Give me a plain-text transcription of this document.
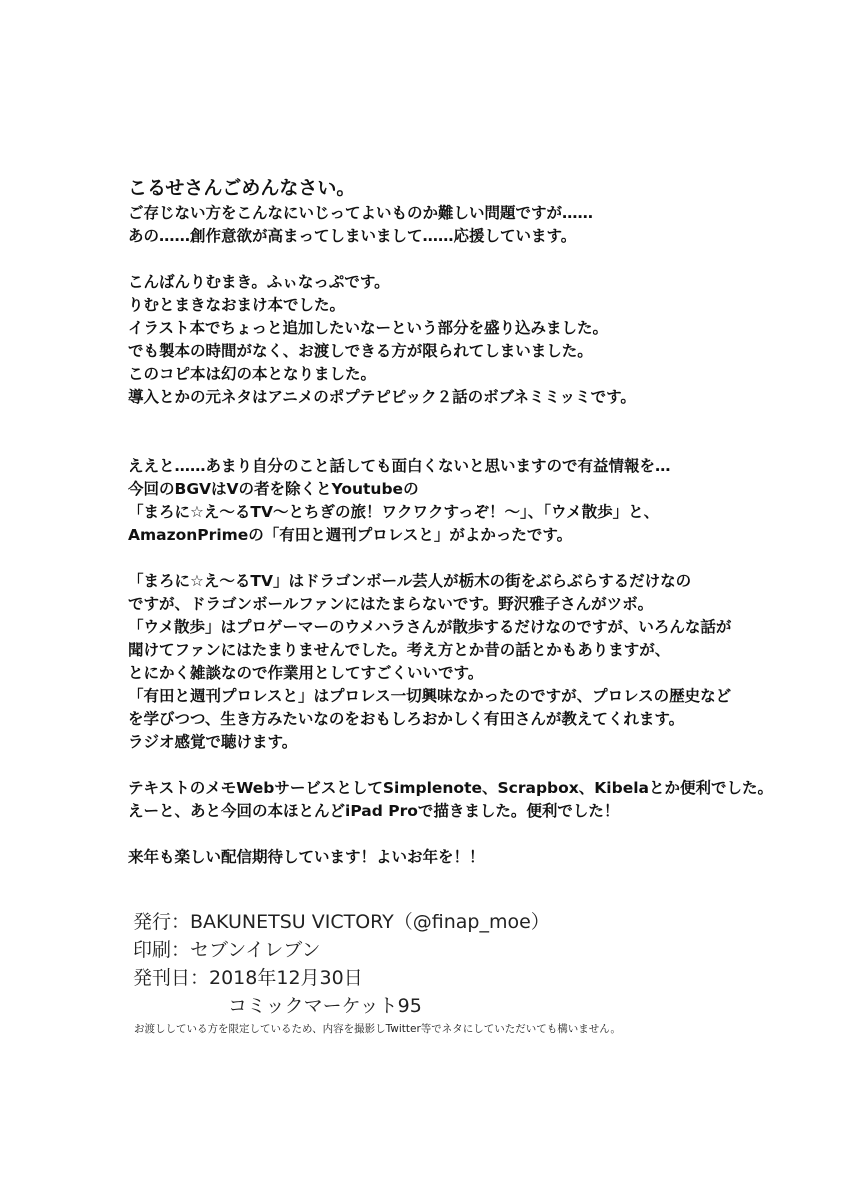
こるせさんごめんなさい。
ご存じない方をこんなにいじってよいものか難しい問題ですが……
あの……創作意欲が高まってしまいまして……応援しています。
こんばんりむまき。ふぃなっぷです。
りむとまきなおまけ本でした。
イラスト本でちょっと追加したいなーという部分を盛り込みました。
でも製本の時間がなく、お渡しできる方が限られてしまいました。
このコピ本は幻の本となりました。
導入とかの元ネタはアニメのポプテピピック２話のボブネミミッミです。
ええと……あまり自分のこと話しても面白くないと思いますので有益情報を…
今回のBGVはVの者を除くとYoutubeの
「まろに☆え～るTV～とちぎの旅！ワクワクすっぞ！～」、「ウメ散歩」と、
AmazonPrimeの「有田と週刊プロレスと」がよかったです。
「まろに☆え～るTV」はドラゴンボール芸人が栃木の街をぶらぶらするだけなの
ですが、ドラゴンボールファンにはたまらないです。野沢雅子さんがツボ。
「ウメ散歩」はプロゲーマーのウメハラさんが散歩するだけなのですが、いろんな話が
聞けてファンにはたまりませんでした。考え方とか昔の話とかもありますが、
とにかく雑談なので作業用としてすごくいいです。
「有田と週刊プロレスと」はプロレス一切興味なかったのですが、プロレスの歴史など
を学びつつ、生き方みたいなのをおもしろおかしく有田さんが教えてくれます。
ラジオ感覚で聴けます。
テキストのメモWebサービスとしてSimplenote、Scrapbox、Kibelaとか便利でした。
えーと、あと今回の本ほとんどiPad Proで描きました。便利でした！
来年も楽しい配信期待しています！よいお年を！！
発行：BAKUNETSU VICTORY（@finap_moe）
印刷：セブンイレブン
発刊日：2018年12月30日
コミックマーケット95
お渡ししている方を限定しているため、内容を撮影しTwitter等でネタにしていただいても構いません。
